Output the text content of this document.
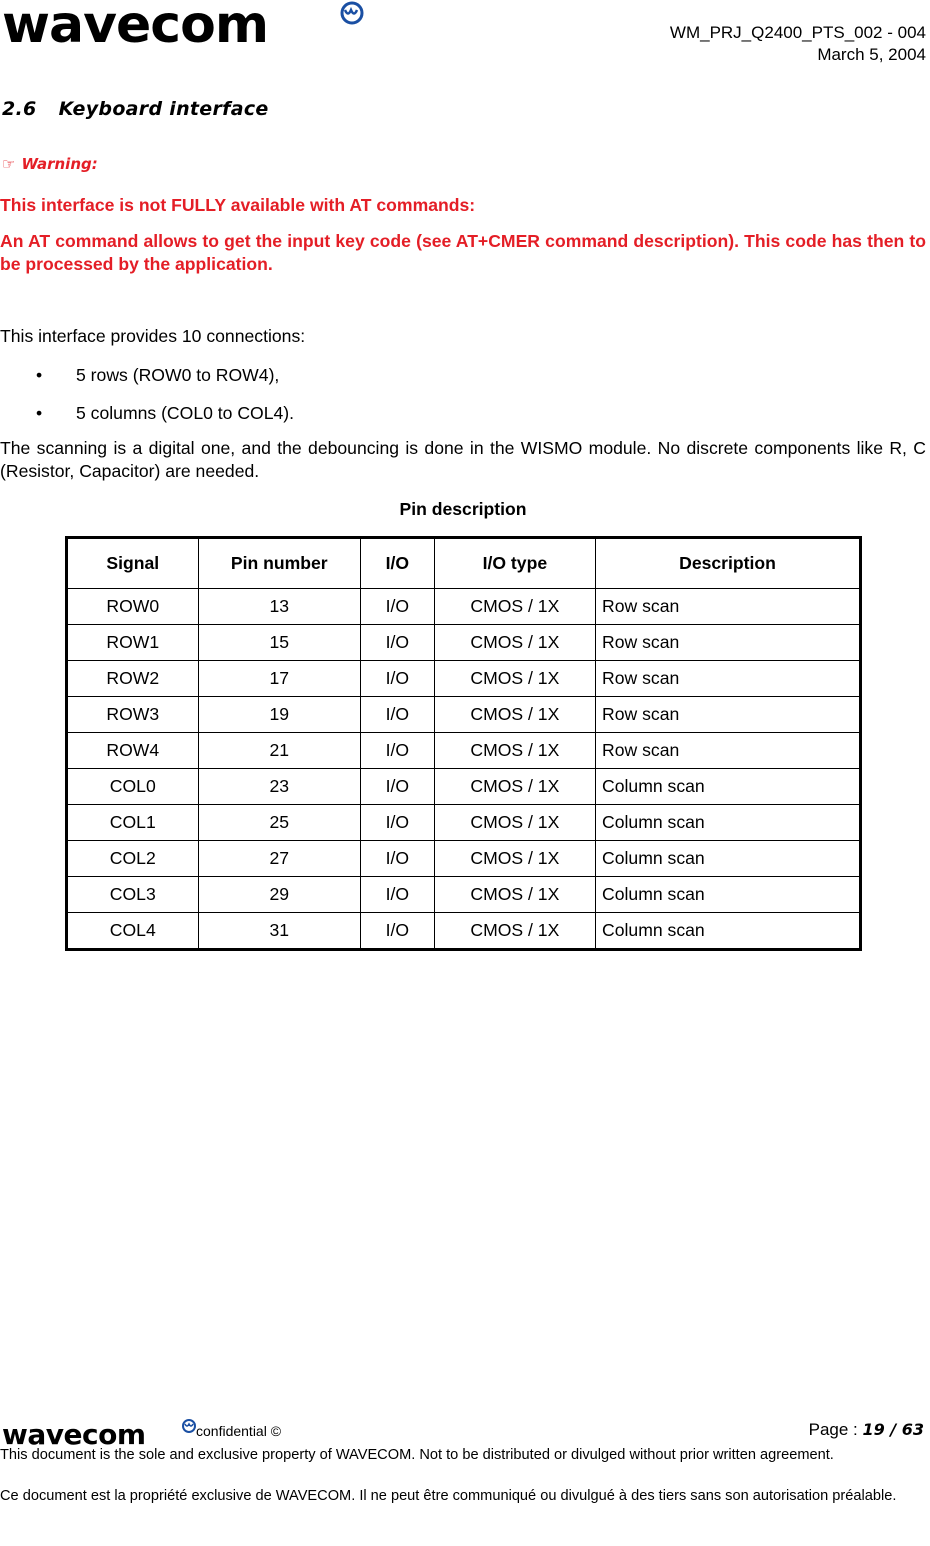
wavecom	WM_PRJ_Q2400_PTS_002 - 004
March 5, 2004
2.6 Keyboard interface
☞ Warning:
This interface is not FULLY available with AT commands:
An AT command allows to get the input key code (see AT+CMER command description). This code has then to be processed by the application.
This interface provides 10 connections:
• 5 rows (ROW0 to ROW4),
• 5 columns (COL0 to COL4).
The scanning is a digital one, and the debouncing is done in the WISMO module. No discrete components like R, C (Resistor, Capacitor) are needed.
Pin description
Signal	Pin number	I/O	I/O type	Description
ROW0	13	I/O	CMOS / 1X	Row scan
ROW1	15	I/O	CMOS / 1X	Row scan
ROW2	17	I/O	CMOS / 1X	Row scan
ROW3	19	I/O	CMOS / 1X	Row scan
ROW4	21	I/O	CMOS / 1X	Row scan
COL0	23	I/O	CMOS / 1X	Column scan
COL1	25	I/O	CMOS / 1X	Column scan
COL2	27	I/O	CMOS / 1X	Column scan
COL3	29	I/O	CMOS / 1X	Column scan
COL4	31	I/O	CMOS / 1X	Column scan
wavecom	confidential ©	Page : 19 / 63
This document is the sole and exclusive property of WAVECOM. Not to be distributed or divulged without prior written agreement.
Ce document est la propriété exclusive de WAVECOM. Il ne peut être communiqué ou divulgué à des tiers sans son autorisation préalable.
